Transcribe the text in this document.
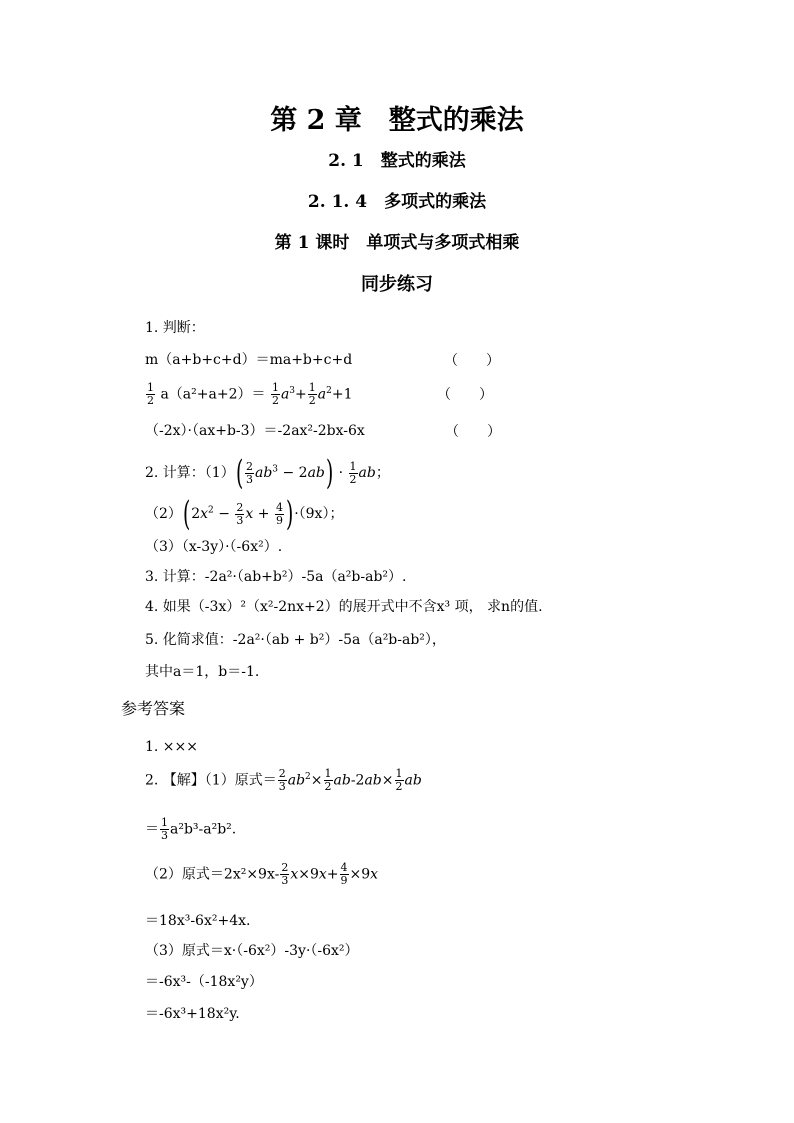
第 2 章　整式的乘法
2. 1　整式的乘法
2. 1. 4　多项式的乘法
第 1 课时　单项式与多项式相乘
同步练习
1. 判断：
m（a+b+c+d）＝ma+b+c+d	（　　）
$\frac{1}{2} a(a^2+a+2)= \frac{1}{2} a^3+ \frac{1}{2} a^2+1$	（　　）
（-2x）·（ax+b-3）＝-2ax²-2bx-6x	（　　）
2. 计算：$(1)( \frac{2}{3} ab^3 - 2ab) \cdot \frac{1}{2}$ ab；
$(2)(2x^2 - \frac{2}{3}$ $x + \frac{4}{9} )\cdot(9x)$；
（3）（x-3y）·（-6x²）.
3. 计算：-2a²·（ab+b²）-5a（a²b-ab²）.
4. 如果（-3x）²（x²-2nx+2）的展开式中不含x³ 项， 求n的值.
5. 化简求值：-2a²·（ab + b²）-5a（a²b-ab²），
其中a＝1，b＝-1.
参考答案
1. ×××
2. 【解】（1）原式＝ $\frac{2}{3} ab^2\times \frac{1}{2} ab-2ab\times \frac{1}{2}$ ab
＝ $\frac{1}{3} a^2b^3-a^2b^2$.
（2）原式$=2x^2\times 9x- \frac{2}{3} x\times 9x+ \frac{4}{9} \times 9x$
＝18x³-6x²+4x.
（3）原式＝x·（-6x²）-3y·（-6x²）
＝-6x³-（-18x²y）
＝-6x³+18x²y.
